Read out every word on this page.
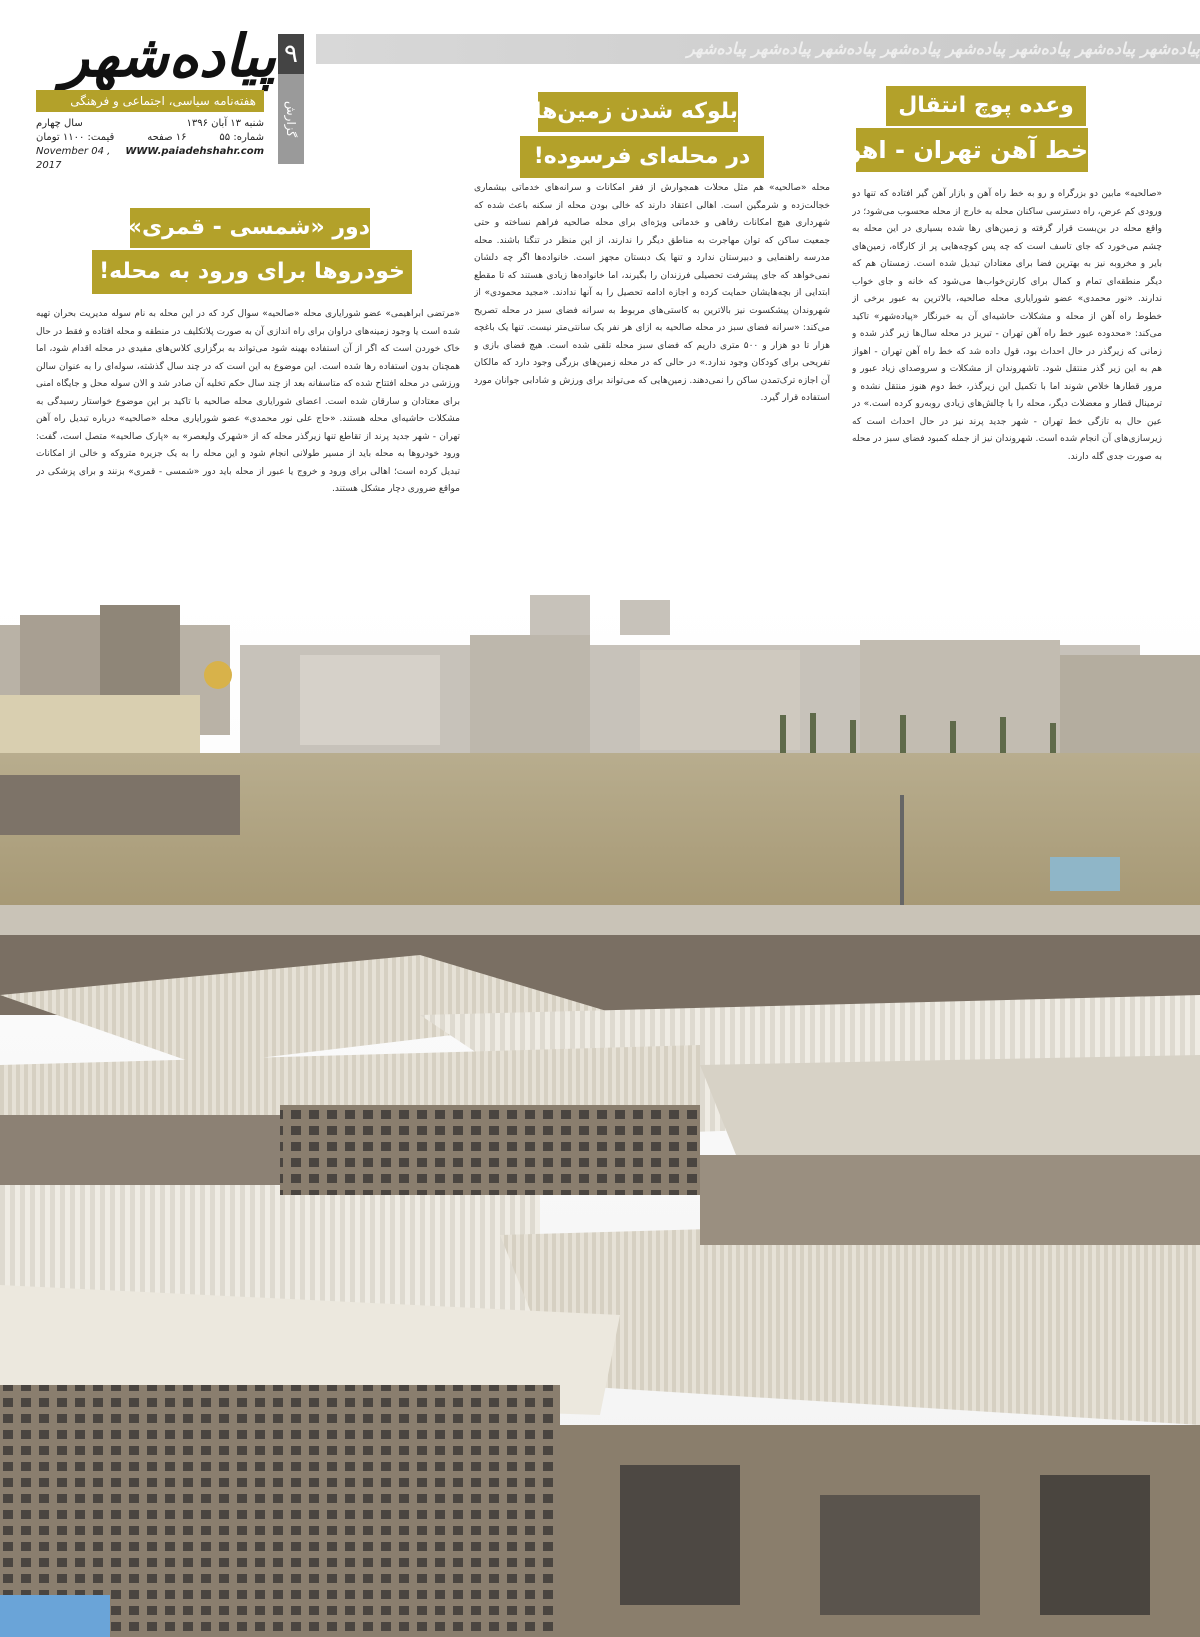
پیاده‌شهر
هفته‌نامه سیاسی، اجتماعی و فرهنگی
شنبه ۱۳ آبان ۱۳۹۶
سال چهارم
شماره: ۵۵
۱۶ صفحه
قیمت: ۱۱۰۰ تومان
November 04 , 2017
WWW.paiadehshahr.com
۹
گزارش
پیاده‌شهر پیاده‌شهر پیاده‌شهر پیاده‌شهر پیاده‌شهر پیاده‌شهر پیاده‌شهر پیاده‌شهر
وعده پوچ انتقال
خط آهن تهران - اهواز!
«صالحیه» مابین دو بزرگراه و رو به خط راه آهن و بازار آهن گیر افتاده که تنها دو ورودی کم عرض، راه دسترسی ساکنان محله به خارج از محله محسوب می‌شود؛ در واقع محله در بن‌بست قرار گرفته و زمین‌های رها شده بسیاری در این محله به چشم می‌خورد که جای تاسف است که چه پس کوچه‌هایی پر از کارگاه، زمین‌های بایر و مخروبه نیز به بهترین فضا برای معتادان تبدیل شده است. زمستان هم که دیگر منطقه‌ای تمام و کمال برای کارتن‌خواب‌ها می‌شود که خانه و جای خواب ندارند. «نور محمدی» عضو شورایاری محله صالحیه، بالاترین به عبور برخی از خطوط راه آهن از محله و مشکلات حاشیه‌ای آن به خبرنگار «پیاده‌شهر» تاکید می‌کند: «محدوده عبور خط راه آهن تهران - تبریز در محله سال‌ها زیر گذر شده و زمانی که زیرگذر در حال احداث بود، قول داده شد که خط راه آهن تهران - اهواز هم به این زیر گذر منتقل شود. تاشهروندان از مشکلات و سروصدای زیاد عبور و مرور قطارها خلاص شوند اما با تکمیل این زیرگذر، خط دوم هنوز منتقل نشده و ترمینال قطار و معضلات دیگر، محله را با چالش‌های زیادی روبه‌رو کرده است.» در عین حال به تازگی خط تهران - شهر جدید پرند نیز در حال احداث است که زیرسازی‌های آن انجام شده است. شهروندان نیز از جمله کمبود فضای سبز در محله به صورت جدی گله دارند.
بلوکه شدن زمین‌ها
در محله‌ای فرسوده!
محله «صالحیه» هم مثل محلات همجوارش از فقر امکانات و سرانه‌های خدماتی بیشماری خجالت‌زده و شرمگین است. اهالی اعتقاد دارند که خالی بودن محله از سکنه باعث شده که شهرداری هیچ امکانات رفاهی و خدماتی ویژه‌ای برای محله صالحیه فراهم نساخته و حتی جمعیت ساکن که توان مهاجرت به مناطق دیگر را ندارند، از این منظر در تنگنا باشند. محله مدرسه راهنمایی و دبیرستان ندارد و تنها یک دبستان مجهز است. خانواده‌ها اگر چه دلشان نمی‌خواهد که جای پیشرفت تحصیلی فرزندان را بگیرند، اما خانواده‌ها زیادی هستند که تا مقطع ابتدایی از بچه‌هایشان حمایت کرده و اجازه ادامه تحصیل را به آنها ندادند. «مجید محمودی» از شهروندان پیشکسوت نیز بالاترین به کاستی‌های مربوط به سرانه فضای سبز در محله تصریح می‌کند: «سرانه فضای سبز در محله صالحیه به ازای هر نفر یک سانتی‌متر نیست. تنها یک باغچه هزار تا دو هزار و ۵۰۰ متری داریم که فضای سبز محله تلقی شده است. هیچ فضای بازی و تفریحی برای کودکان وجود ندارد.» در حالی که در محله زمین‌های بزرگی وجود دارد که مالکان آن اجازه ترک‌تمدن ساکن را نمی‌دهند. زمین‌هایی که می‌تواند برای ورزش و شادابی جوانان مورد استفاده قرار گیرد.
دور «شمسی - قمری»
خودروها برای ورود به محله!
«مرتضی ابراهیمی» عضو شورایاری محله «صالحیه» سوال کرد که در این محله به نام سوله مدیریت بحران تهیه شده است یا وجود زمینه‌های دراوان برای راه اندازی آن به صورت پلاتکلیف در منطقه و محله افتاده و فقط در حال خاک خوردن است که اگر از آن استفاده بهینه شود می‌تواند به برگزاری کلاس‌های مفیدی در محله اقدام شود، اما همچنان بدون استفاده رها شده است. این موضوع به این است که در چند سال گذشته، سوله‌ای را به عنوان سالن ورزشی در محله افتتاح شده که متاسفانه بعد از چند سال حکم تخلیه آن صادر شد و الان سوله محل و جایگاه امنی برای معتادان و سارقان شده است. اعضای شورایاری محله صالحیه با تاکید بر این موضوع خواستار رسیدگی به مشکلات حاشیه‌ای محله هستند. «حاج علی نور محمدی» عضو شورایاری محله «صالحیه» درباره تبدیل راه آهن تهران - شهر جدید پرند از تقاطع تنها زیرگذر محله که از «شهرک ولیعصر» به «پارک صالحیه» متصل است، گفت: ورود خودروها به محله باید از مسیر طولانی انجام شود و این محله را به یک جزیره متروکه و خالی از امکانات تبدیل کرده است؛ اهالی برای ورود و خروج یا عبور از محله باید دور «شمسی - قمری» بزنند و برای پزشکی در مواقع ضروری دچار مشکل هستند.
